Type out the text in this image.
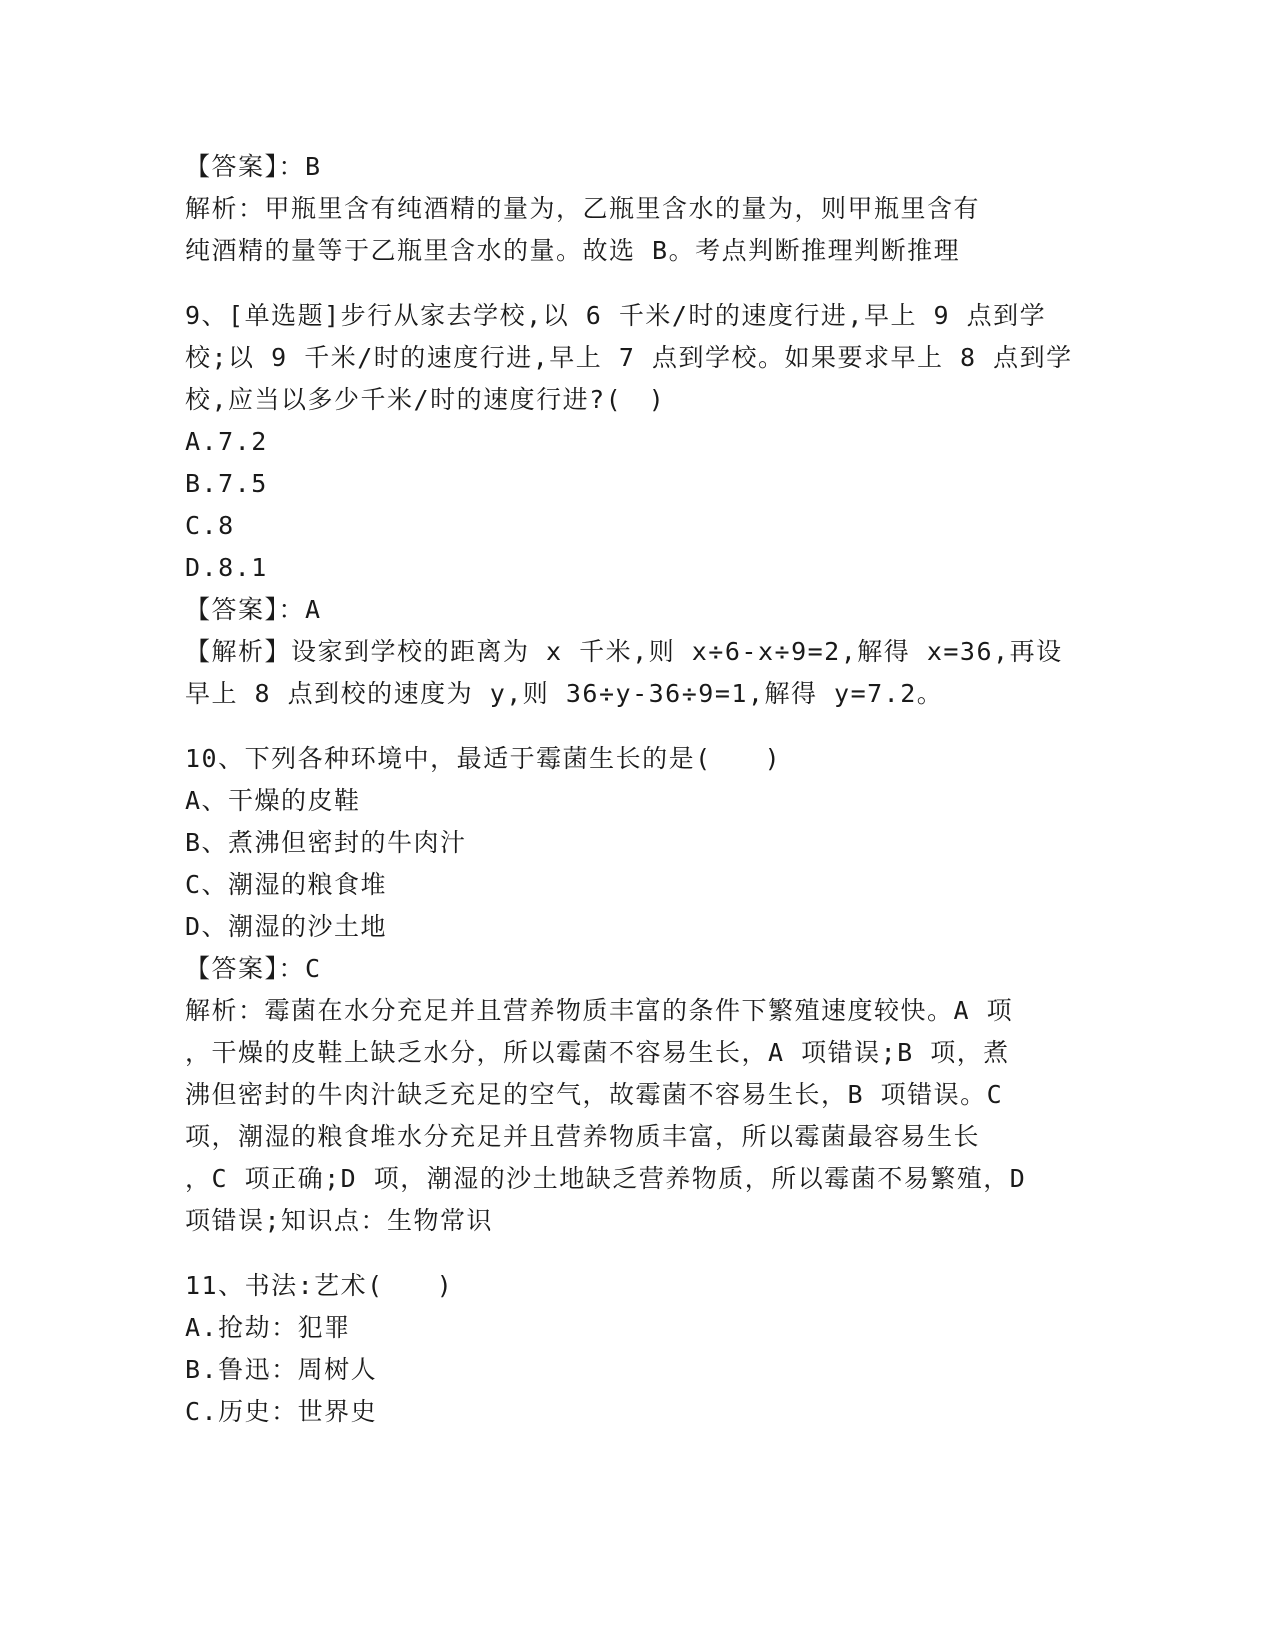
【答案】：B
解析：甲瓶里含有纯酒精的量为，乙瓶里含水的量为，则甲瓶里含有
纯酒精的量等于乙瓶里含水的量。故选 B。考点判断推理判断推理
9、[单选题]步行从家去学校,以 6 千米/时的速度行进,早上 9 点到学
校;以 9 千米/时的速度行进,早上 7 点到学校。如果要求早上 8 点到学
校,应当以多少千米/时的速度行进?(　)
A.7.2
B.7.5
C.8
D.8.1
【答案】：A
【解析】设家到学校的距离为 x 千米,则 x÷6-x÷9=2,解得 x=36,再设
早上 8 点到校的速度为 y,则 36÷y-36÷9=1,解得 y=7.2。
10、下列各种环境中，最适于霉菌生长的是(　　)
A、干燥的皮鞋
B、煮沸但密封的牛肉汁
C、潮湿的粮食堆
D、潮湿的沙土地
【答案】：C
解析：霉菌在水分充足并且营养物质丰富的条件下繁殖速度较快。A 项
，干燥的皮鞋上缺乏水分，所以霉菌不容易生长，A 项错误;B 项，煮
沸但密封的牛肉汁缺乏充足的空气，故霉菌不容易生长，B 项错误。C
项，潮湿的粮食堆水分充足并且营养物质丰富，所以霉菌最容易生长
，C 项正确;D 项，潮湿的沙土地缺乏营养物质，所以霉菌不易繁殖，D
项错误;知识点：生物常识
11、书法:艺术(　　)
A.抢劫：犯罪
B.鲁迅：周树人
C.历史：世界史
